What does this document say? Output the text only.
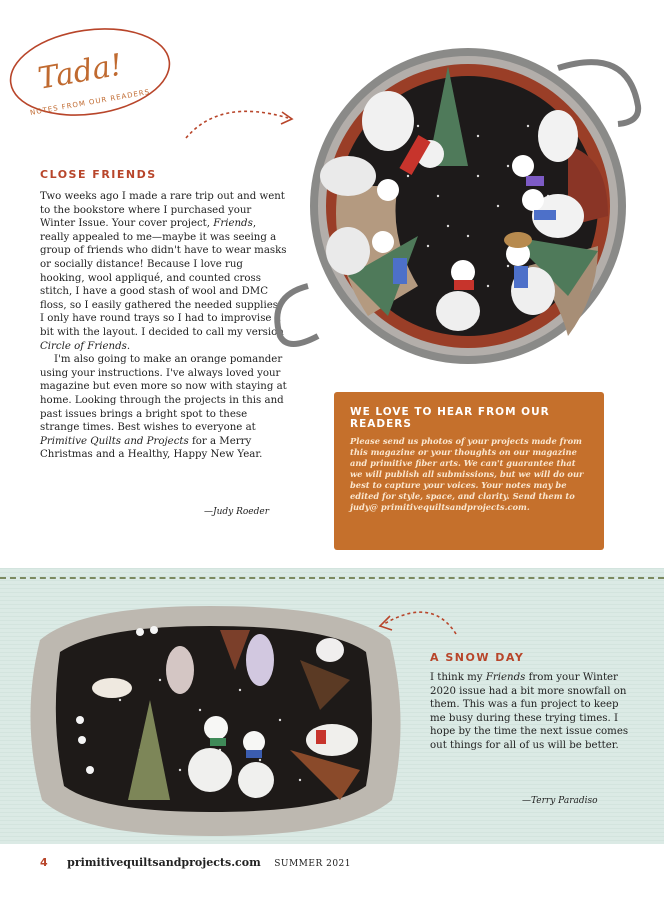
Tada!
NOTES FROM OUR READERS
CLOSE FRIENDS

Two weeks ago I made a rare trip out and went to the bookstore where I purchased your Winter Issue. Your cover project, Friends, really appealed to me—maybe it was seeing a group of friends who didn't have to wear masks or socially distance! Because I love rug hooking, wool appliqué, and counted cross stitch, I have a good stash of wool and DMC floss, so I easily gathered the needed supplies. I only have round trays so I had to improvise a bit with the layout. I decided to call my version Circle of Friends.

I'm also going to make an orange pomander using your instructions. I've always loved your magazine but even more so now with staying at home. Looking through the projects in this and past issues brings a bright spot to these strange times. Best wishes to everyone at Primitive Quilts and Projects for a Merry Christmas and a Healthy, Happy New Year.

—Judy Roeder
WE LOVE TO HEAR FROM OUR READERS
Please send us photos of your projects made from this magazine or your thoughts on our magazine and primitive fiber arts. We can't guarantee that we will publish all submissions, but we will do our best to capture your voices. Your notes may be edited for style, space, and clarity. Send them to judy@ primitivequiltsandprojects.com.
A SNOW DAY
I think my Friends from your Winter 2020 issue had a bit more snowfall on them. This was a fun project to keep me busy during these trying times. I hope by the time the next issue comes out things for all of us will be better.
—Terry Paradiso
4 primitivequiltsandprojects.com SUMMER 2021
